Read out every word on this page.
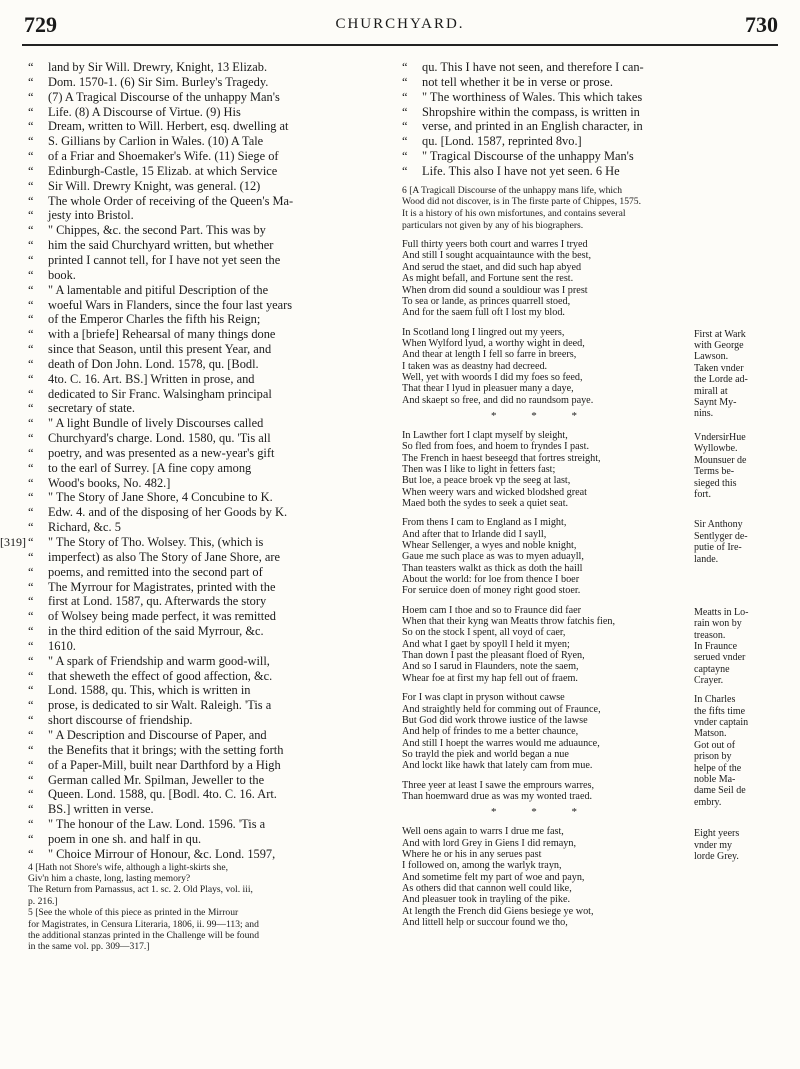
729	CHURCHYARD.	730
“ land by Sir Will. Drewry, Knight, 13 Elizab.
“ Dom. 1570-1. (6) Sir Sim. Burley's Tragedy.
“ (7) A Tragical Discourse of the unhappy Man's
“ Life. (8) A Discourse of Virtue. (9) His
“ Dream, written to Will. Herbert, esq. dwelling at
“ S. Gillians by Carlion in Wales. (10) A Tale
“ of a Friar and Shoemaker's Wife. (11) Siege of
“ Edinburgh-Castle, 15 Elizab. at which Service
“ Sir Will. Drewry Knight, was general. (12)
“ The whole Order of receiving of the Queen's Ma-
“ jesty into Bristol.
“ " Chippes, &c. the second Part. This was by
“ him the said Churchyard written, but whether
“ printed I cannot tell, for I have not yet seen the
“ book.
“ " A lamentable and pitiful Description of the
“ woeful Wars in Flanders, since the four last years
“ of the Emperor Charles the fifth his Reign;
“ with a [briefe] Rehearsal of many things done
“ since that Season, until this present Year, and
“ death of Don John. Lond. 1578, qu. [Bodl.
“ 4to. C. 16. Art. BS.] Written in prose, and
“ dedicated to Sir Franc. Walsingham principal
“ secretary of state.
“ " A light Bundle of lively Discourses called
“ Churchyard's charge. Lond. 1580, qu. 'Tis all
“ poetry, and was presented as a new-year's gift
“ to the earl of Surrey. [A fine copy among
“ Wood's books, No. 482.]
“ " The Story of Jane Shore, 4 Concubine to K.
“ Edw. 4. and of the disposing of her Goods by K.
“ Richard, &c. 5
“ " The Story of Tho. Wolsey. This, (which is
[319]
“ imperfect) as also The Story of Jane Shore, are
“ poems, and remitted into the second part of
“ The Myrrour for Magistrates, printed with the
“ first at Lond. 1587, qu. Afterwards the story
“ of Wolsey being made perfect, it was remitted
“ in the third edition of the said Myrrour, &c.
“ 1610.
“ " A spark of Friendship and warm good-will,
“ that sheweth the effect of good affection, &c.
“ Lond. 1588, qu. This, which is written in
“ prose, is dedicated to sir Walt. Raleigh. 'Tis a
“ short discourse of friendship.
“ " A Description and Discourse of Paper, and
“ the Benefits that it brings; with the setting forth
“ of a Paper-Mill, built near Darthford by a High
“ German called Mr. Spilman, Jeweller to the
“ Queen. Lond. 1588, qu. [Bodl. 4to. C. 16. Art.
“ BS.] written in verse.
“ " The honour of the Law. Lond. 1596. 'Tis a
“ poem in one sh. and half in qu.
“ " Choice Mirrour of Honour, &c. Lond. 1597,
4 [Hath not Shore's wife, although a light-skirts she,
Giv'n him a chaste, long, lasting memory?
The Return from Parnassus, act 1. sc. 2. Old Plays, vol. iii,
p. 216.]
5 [See the whole of this piece as printed in the Mirrour
for Magistrates, in Censura Literaria, 1806, ii. 99—113; and
the additional stanzas printed in the Challenge will be found
in the same vol. pp. 309—317.]
“ qu. This I have not seen, and therefore I can-
“ not tell whether it be in verse or prose.
“ " The worthiness of Wales. This which takes
“ Shropshire within the compass, is written in
“ verse, and printed in an English character, in
“ qu. [Lond. 1587, reprinted 8vo.]
“ " Tragical Discourse of the unhappy Man's
“ Life. This also I have not yet seen. 6 He
6 [A Tragicall Discourse of the unhappy mans life, which
Wood did not discover, is in The firste parte of Chippes, 1575.
It is a history of his own misfortunes, and contains several
particulars not given by any of his biographers.
Full thirty yeers both court and warres I tryed
And still I sought acquaintaunce with the best,
And serud the staet, and did such hap abyed
As might befall, and Fortune sent the rest.
When drom did sound a souldiour was I prest
To sea or lande, as princes quarrell stoed,
And for the saem full oft I lost my blod.
In Scotland long I lingred out my yeers,
When Wylford lyud, a worthy wight in deed,
And thear at length I fell so farre in breers,
I taken was as deastny had decreed.
Well, yet with woords I did my foes so feed,
That thear I lyud in pleasuer many a daye,
And skaept so free, and did no raundsom paye.
First at Wark
with George
Lawson.
Taken vnder
the Lorde ad-
mirall at
Saynt My-
nins.
* * *
In Lawther fort I clapt myself by sleight,
So fled from foes, and hoem to fryndes I past.
The French in haest beseegd that fortres streight,
Then was I like to light in fetters fast;
But loe, a peace broek vp the seeg at last,
When weery wars and wicked blodshed great
Maed both the sydes to seek a quiet seat.
VndersirHue
Wyllowbe.
Mounsuer de
Terms be-
sieged this
fort.
From thens I cam to England as I might,
And after that to Irlande did I sayll,
Whear Sellenger, a wyes and noble knight,
Gaue me such place as was to myen aduayll,
Than teasters walkt as thick as doth the haill
About the world: for loe from thence I boer
For seruice doen of money right good stoer.
Sir Anthony
Sentlyger de-
putie of Ire-
lande.
Hoem cam I thoe and so to Fraunce did faer
When that their kyng wan Meatts throw fatchis fien,
So on the stock I spent, all voyd of caer,
And what I gaet by spoyll I held it myen;
Than down I past the pleasant floed of Ryen,
And so I sarud in Flaunders, note the saem,
Whear foe at first my hap fell out of fraem.
Meatts in Lo-
rain won by
treason.
In Fraunce
serued vnder
captayne
Crayer.
For I was clapt in pryson without cawse
And straightly held for comming out of Fraunce,
But God did work throwe iustice of the lawse
And help of frindes to me a better chaunce,
And still I hoept the warres would me aduaunce,
So trayld the piek and world began a nue
And lockt like hawk that lately cam from mue.
In Charles
the fifts time
vnder captain
Matson.
Got out of
prison by
helpe of the
noble Ma-
dame Seil de
embry.
Three yeer at least I sawe the emprours warres,
Than hoemward drue as was my wonted traed.
* * *
Well oens again to warrs I drue me fast,
And with lord Grey in Giens I did remayn,
Where he or his in any serues past
I followed on, among the warlyk trayn,
And sometime felt my part of woe and payn,
As others did that cannon well could like,
And pleasuer took in trayling of the pike.
At length the French did Giens besiege ye wot,
And littell help or succour found we tho,
Eight yeers
vnder my
lorde Grey.
